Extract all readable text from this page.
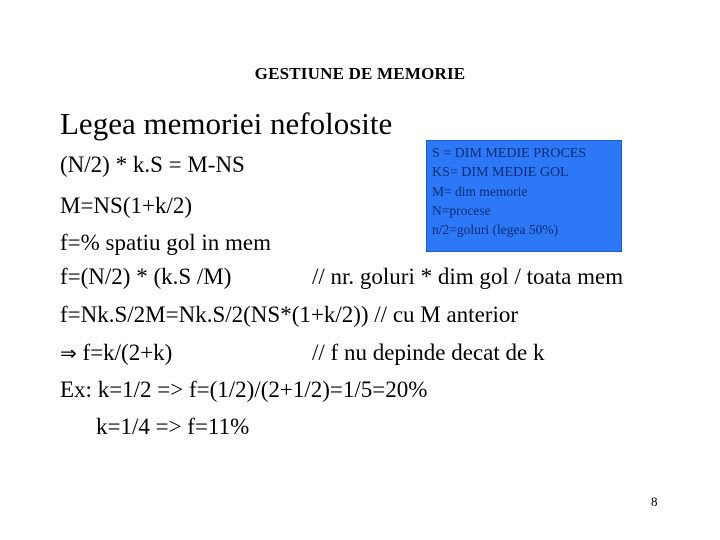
GESTIUNE DE MEMORIE
Legea memoriei nefolosite
(N/2) * k.S = M-NS
M=NS(1+k/2)
f=% spatiu gol in mem
S = DIM MEDIE PROCES
KS= DIM MEDIE GOL
M= dim memorie
N=procese
n/2=goluri (legea 50%)
f=(N/2) * (k.S /M)	// nr. goluri * dim gol / toata mem
f=Nk.S/2M=Nk.S/2(NS*(1+k/2)) // cu M anterior
⇒ f=k/(2+k)	// f nu depinde decat de k
Ex: k=1/2 => f=(1/2)/(2+1/2)=1/5=20%
k=1/4 => f=11%
8
